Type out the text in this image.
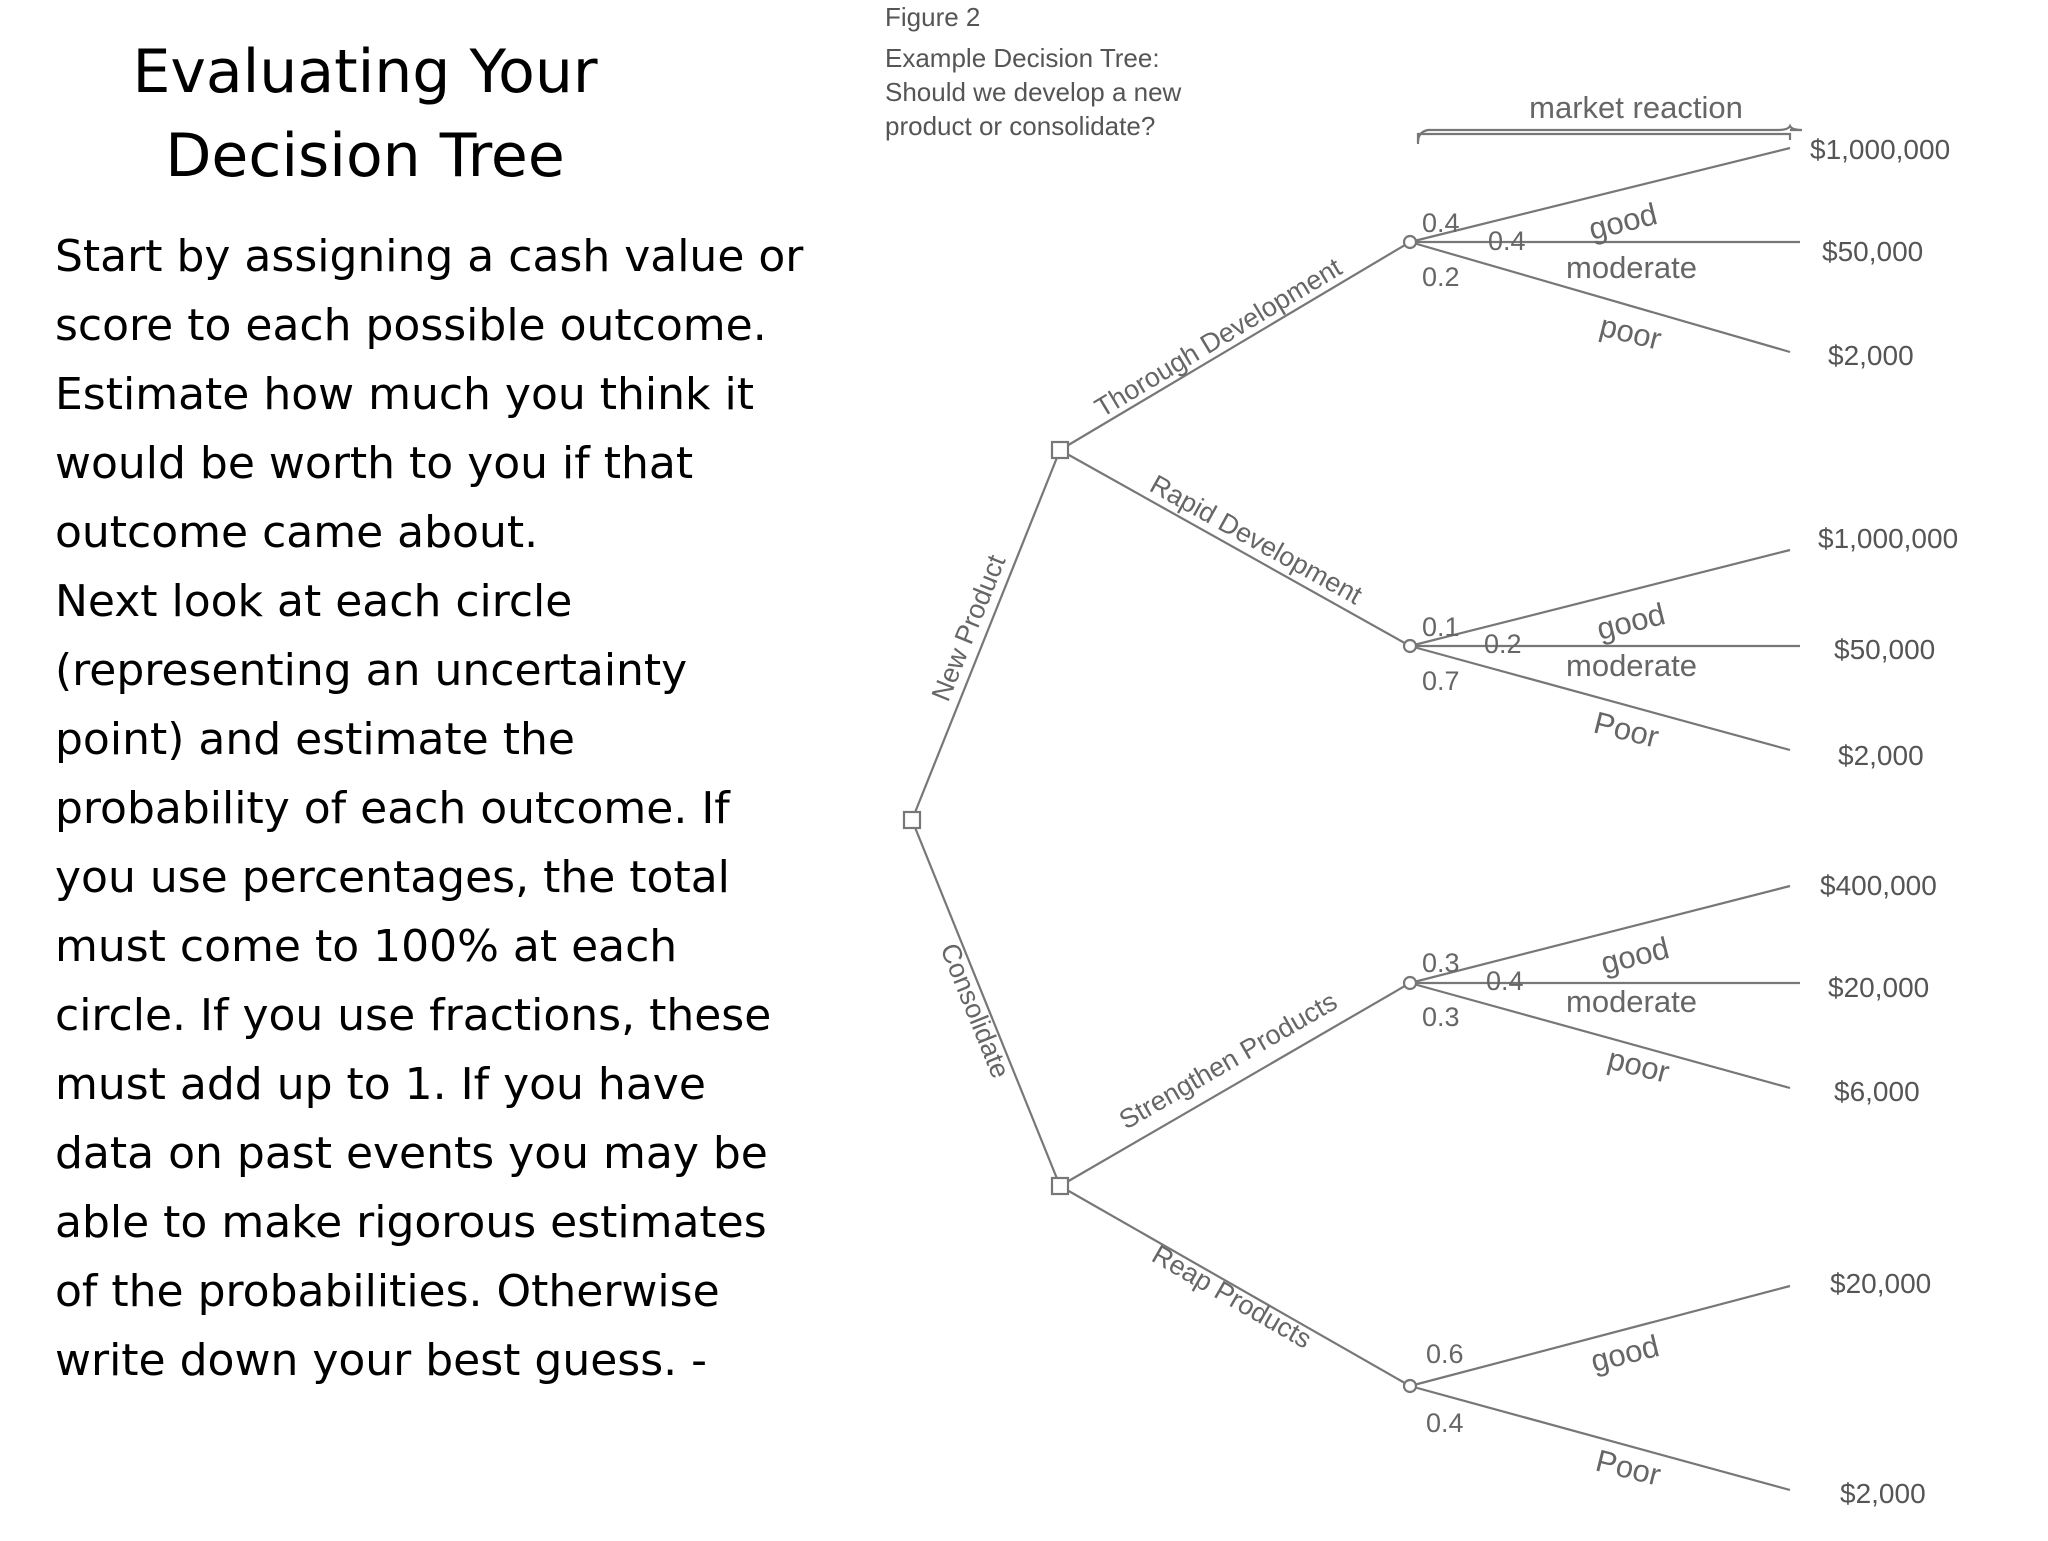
Evaluating Your
Decision Tree

Start by assigning a cash value or score to each possible outcome. Estimate how much you think it would be worth to you if that outcome came about.

Next look at each circle (representing an uncertainty point) and estimate the probability of each outcome. If you use percentages, the total must come to 100% at each circle. If you use fractions, these must add up to 1. If you have data on past events you may be able to make rigorous estimates of the probabilities. Otherwise write down your best guess. -

Figure 2
Example Decision Tree:
Should we develop a new
product or consolidate?
market reaction
New Product
Consolidate
Thorough Development
Rapid Development
Strengthen Products
Reap Products
0.4
0.4
0.2
good
moderate
poor
$1,000,000
$50,000
$2,000
0.1
0.2
0.7
good
moderate
Poor
$1,000,000
$50,000
$2,000
0.3
0.4
0.3
good
moderate
poor
$400,000
$20,000
$6,000
0.6
0.4
good
Poor
$20,000
$2,000
